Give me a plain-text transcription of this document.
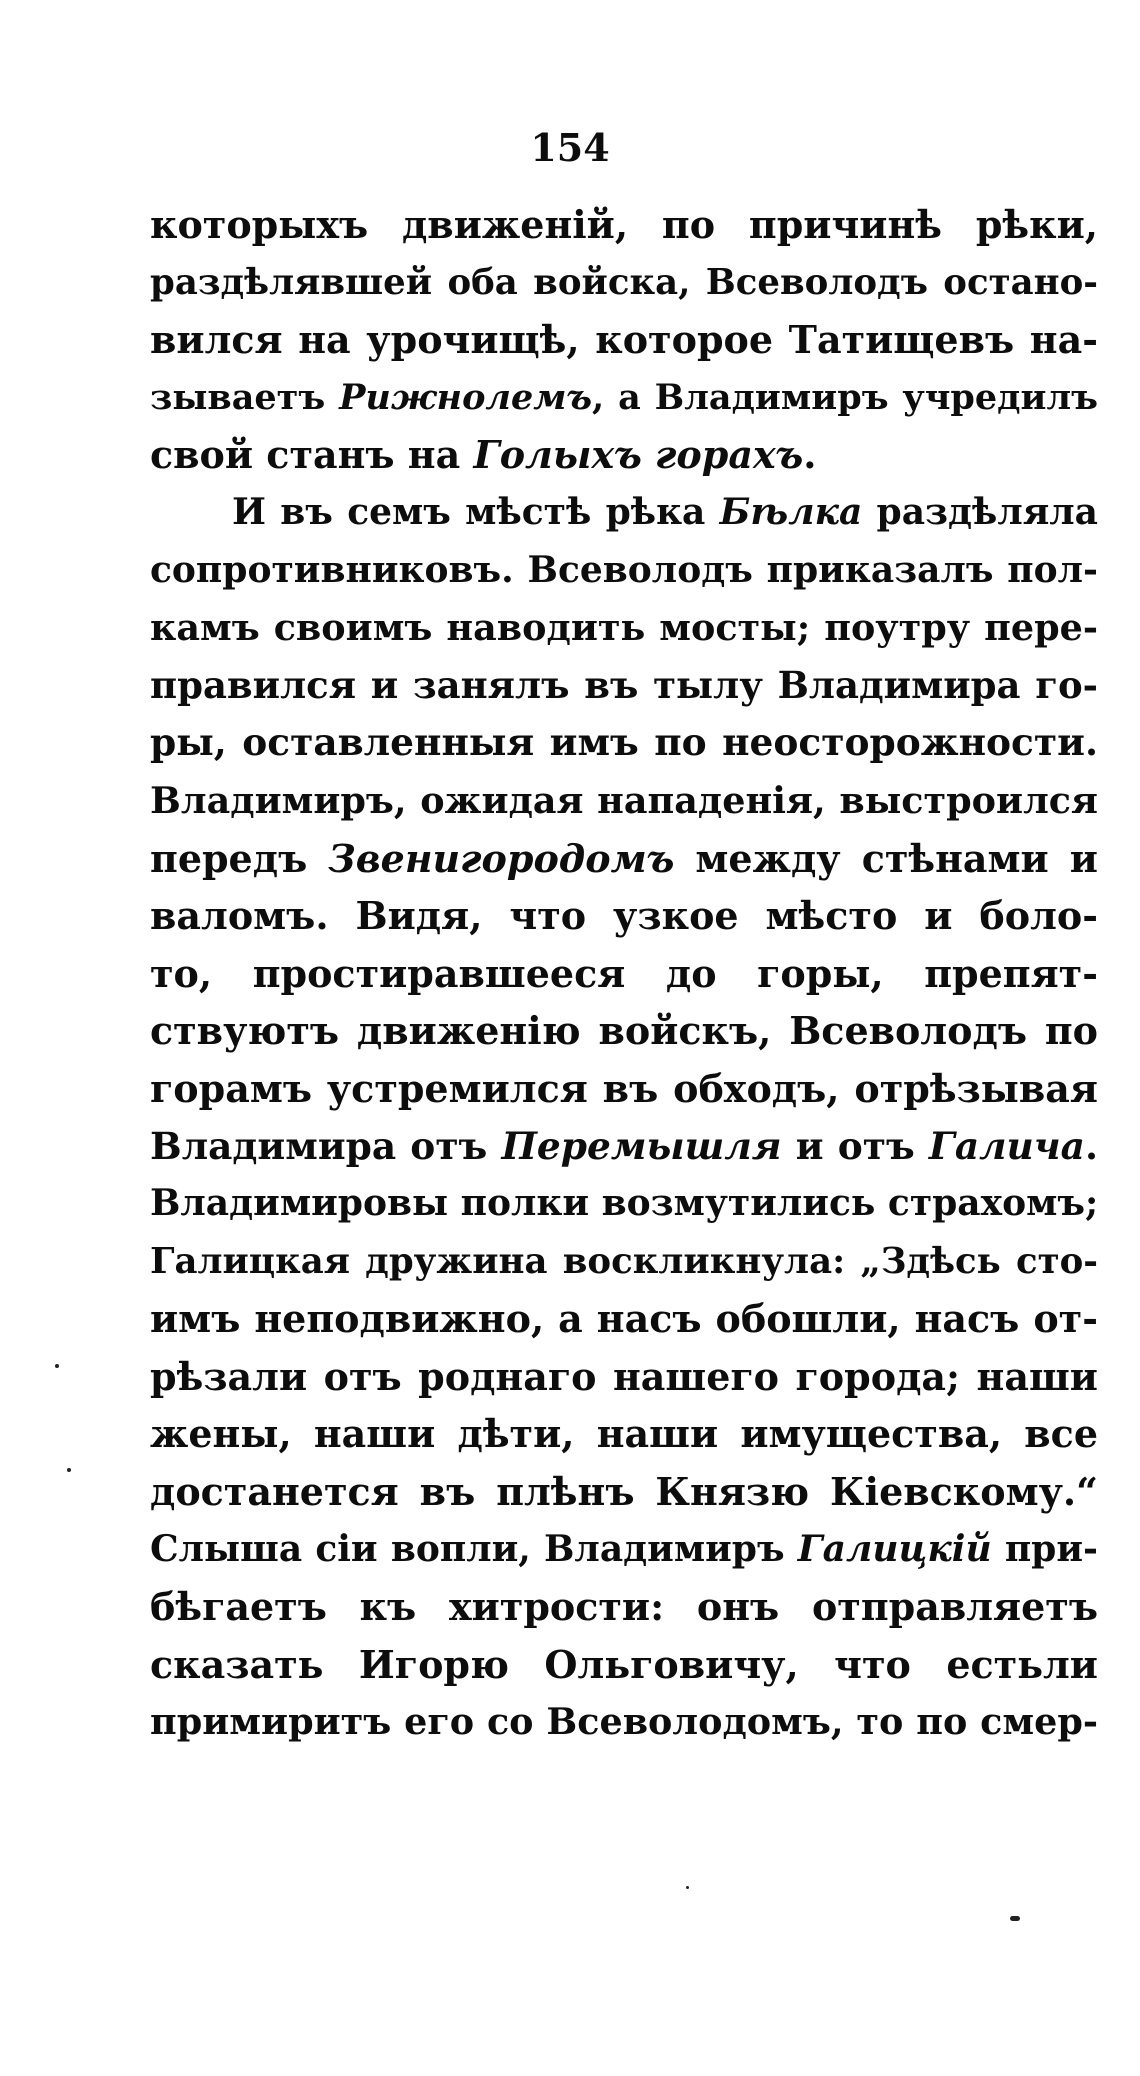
154
которыхъ движеній, по причинѣ рѣки,
раздѣлявшей оба войска, Всеволодъ остано-
вился на урочищѣ, которое Татищевъ на-
зываетъ Рижнолемъ, а Владимиръ учредилъ
свой станъ на Голыхъ горахъ.
И въ семъ мѣстѣ рѣка Бѣлка раздѣляла
сопротивниковъ. Всеволодъ приказалъ пол-
камъ своимъ наводить мосты; поутру пере-
правился и занялъ въ тылу Владимира го-
ры, оставленныя имъ по неосторожности.
Владимиръ, ожидая нападенія, выстроился
передъ Звенигородомъ между стѣнами и
валомъ. Видя, что узкое мѣсто и боло-
то, простиравшееся до горы, препят-
ствуютъ движенію войскъ, Всеволодъ по
горамъ устремился въ обходъ, отрѣзывая
Владимира отъ Перемышля и отъ Галича.
Владимировы полки возмутились страхомъ;
Галицкая дружина воскликнула: „Здѣсь сто-
имъ неподвижно, а насъ обошли, насъ от-
рѣзали отъ роднаго нашего города; наши
жены, наши дѣти, наши имущества, все
достанется въ плѣнъ Князю Кіевскому.“
Слыша сіи вопли, Владимиръ Галицкій при-
бѣгаетъ къ хитрости: онъ отправляетъ
сказать Игорю Ольговичу, что естьли
примиритъ его со Всеволодомъ, то по смер-
